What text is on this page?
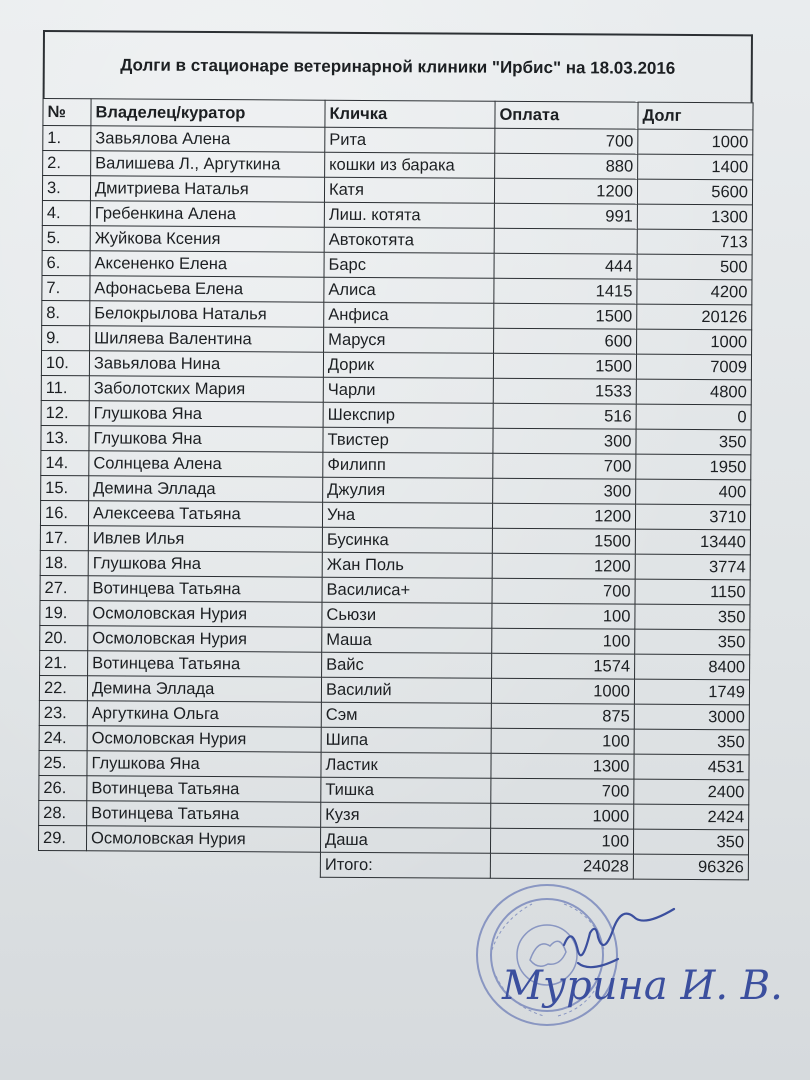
Долги в стационаре ветеринарной клиники "Ирбис" на 18.03.2016
№	Владелец/куратор	Кличка	Оплата	Долг
1.	Завьялова Алена	Рита	700	1000
2.	Валишева Л., Аргуткина	кошки из барака	880	1400
3.	Дмитриева Наталья	Катя	1200	5600
4.	Гребенкина Алена	Лиш. котята	991	1300
5.	Жуйкова Ксения	Автокотята		713
6.	Аксененко Елена	Барс	444	500
7.	Афонасьева Елена	Алиса	1415	4200
8.	Белокрылова Наталья	Анфиса	1500	20126
9.	Шиляева Валентина	Маруся	600	1000
10.	Завьялова Нина	Дорик	1500	7009
11.	Заболотских Мария	Чарли	1533	4800
12.	Глушкова Яна	Шекспир	516	0
13.	Глушкова Яна	Твистер	300	350
14.	Солнцева Алена	Филипп	700	1950
15.	Демина Эллада	Джулия	300	400
16.	Алексеева Татьяна	Уна	1200	3710
17.	Ивлев Илья	Бусинка	1500	13440
18.	Глушкова Яна	Жан Поль	1200	3774
27.	Вотинцева Татьяна	Василиса+	700	1150
19.	Осмоловская Нурия	Сьюзи	100	350
20.	Осмоловская Нурия	Маша	100	350
21.	Вотинцева Татьяна	Вайс	1574	8400
22.	Демина Эллада	Василий	1000	1749
23.	Аргуткина Ольга	Сэм	875	3000
24.	Осмоловская Нурия	Шипа	100	350
25.	Глушкова Яна	Ластик	1300	4531
26.	Вотинцева Татьяна	Тишка	700	2400
28.	Вотинцева Татьяна	Кузя	1000	2424
29.	Осмоловская Нурия	Даша	100	350
		Итого:	24028	96326
Мурина И. В.
